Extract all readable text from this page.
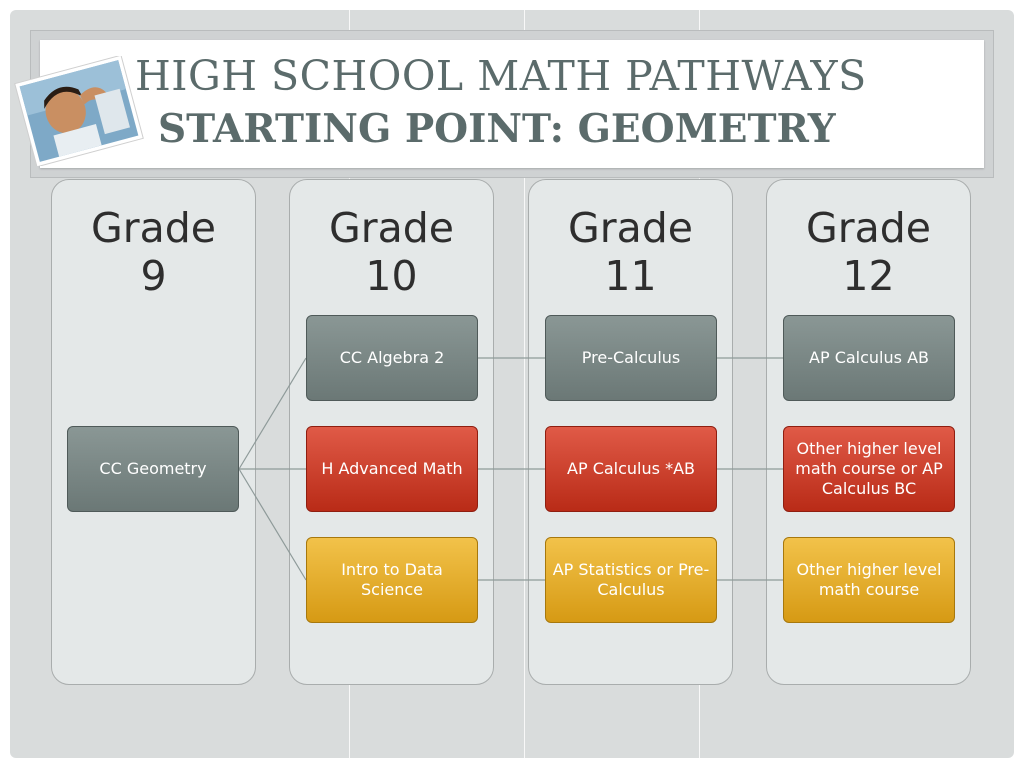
HIGH SCHOOL MATH PATHWAYS
STARTING POINT: GEOMETRY
Grade
9
Grade
10
Grade
11
Grade
12
CC Geometry
CC Algebra 2
H Advanced Math
Intro to Data Science
Pre-Calculus
AP Calculus *AB
AP Statistics or Pre-Calculus
AP Calculus AB
Other higher level math course or AP Calculus BC
Other higher level math course
